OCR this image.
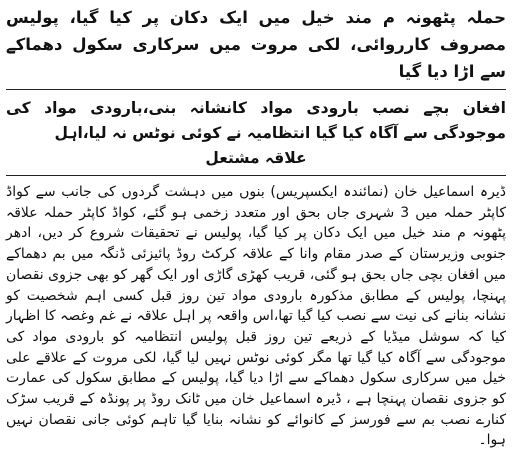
حملہ پٹھونہ م مند خیل میں ایک دکان پر کیا گیا، پولیس مصروف کارروائی، لکی مروت میں سرکاری سکول دھماکے سے اڑا دیا گیا

افغان بچے نصب بارودی مواد کانشانہ بنی،بارودی مواد کی موجودگی سے آگاہ کیا گیا انتظامیہ نے کوئی نوٹس نہ لیا،اہل
علاقہ مشتعل

ڈیرہ اسماعیل خان (نمائندہ ایکسپریس) بنوں میں دہشت گردوں کی جانب سے کواڈ کاپٹر حملہ میں 3 شہری جاں بحق اور متعدد زخمی ہو گئے، کواڈ کاپٹر حملہ علاقہ پٹھونہ م مند خیل میں ایک دکان پر کیا گیا، پولیس نے تحقیقات شروع کر دیں، ادھر جنوبی وزیرستان کے صدر مقام وانا کے علاقہ کرکٹ روڈ پائیزئی ڈنگہ میں بم دھماکے میں افغان بچی جاں بحق ہو گئی، قریب کھڑی گاڑی اور ایک گھر کو بھی جزوی نقصان پہنچا، پولیس کے مطابق مذکورہ بارودی مواد تین روز قبل کسی اہم شخصیت کو نشانہ بنانے کی نیت سے نصب کیا گیا تھا،اس واقعہ پر اہل علاقہ نے غم وغصہ کا اظہار کیا کہ سوشل میڈیا کے ذریعے تین روز قبل پولیس انتظامیہ کو بارودی مواد کی موجودگی سے آگاہ کیا گیا تھا مگر کوئی نوٹس نہیں لیا گیا، لکی مروت کے علاقے علی خیل میں سرکاری سکول دھماکے سے اڑا دیا گیا، پولیس کے مطابق سکول کی عمارت کو جزوی نقصان پہنچا ہے ، ڈیرہ اسماعیل خان میں ٹانک روڈ پر پونڈہ کے قریب سڑک کنارے نصب بم سے فورسز کے کانوائے کو نشانہ بنایا گیا تاہم کوئی جانی نقصان نہیں ہوا۔
